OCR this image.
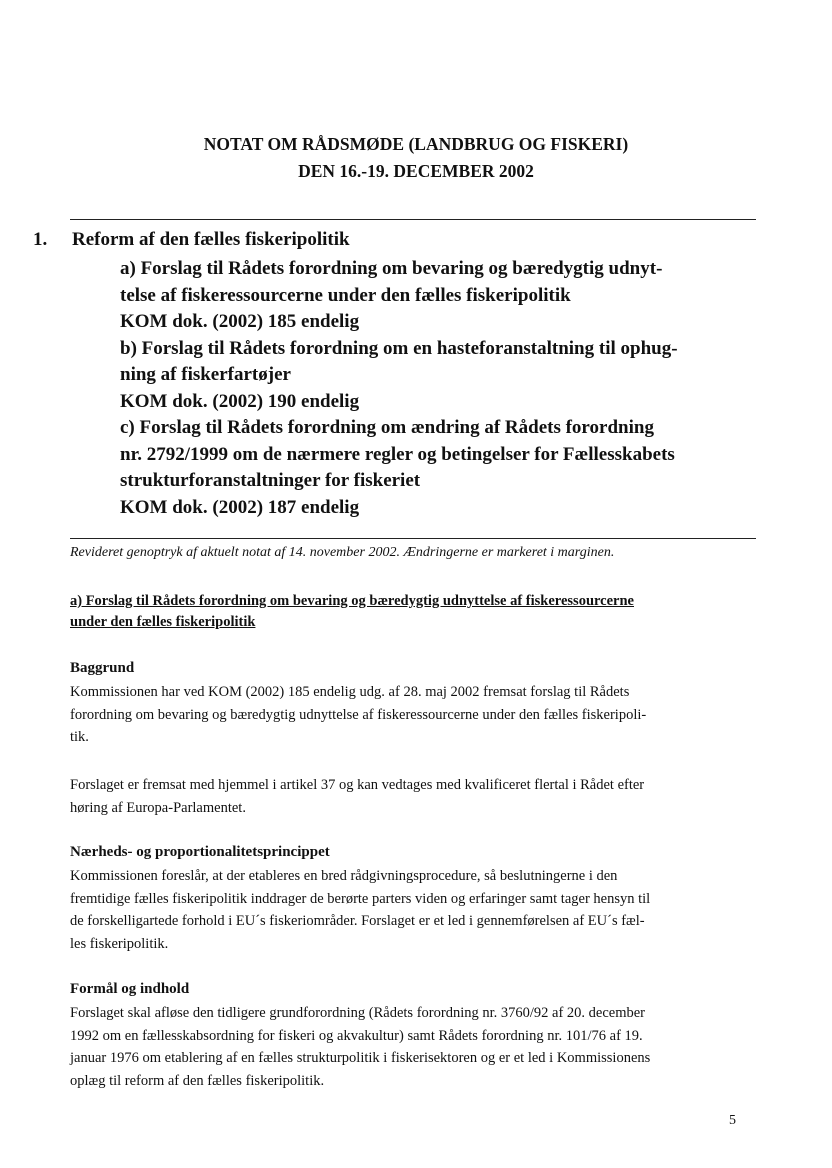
NOTAT OM RÅDSMØDE (LANDBRUG OG FISKERI)
DEN 16.-19. DECEMBER 2002
1. Reform af den fælles fiskeripolitik
a) Forslag til Rådets forordning om bevaring og bæredygtig udnyt-
telse af fiskeressourcerne under den fælles fiskeripolitik
KOM dok. (2002) 185 endelig
b) Forslag til Rådets forordning om en hasteforanstaltning til ophug-
ning af fiskerfartøjer
KOM dok. (2002) 190 endelig
c) Forslag til Rådets forordning om ændring af Rådets forordning
nr. 2792/1999 om de nærmere regler og betingelser for Fællesskabets
strukturforanstaltninger for fiskeriet
KOM dok. (2002) 187 endelig
Revideret genoptryk af aktuelt notat af 14. november 2002. Ændringerne er markeret i marginen.
a) Forslag til Rådets forordning om bevaring og bæredygtig udnyttelse af fiskeressourcerne
under den fælles fiskeripolitik
Baggrund
Kommissionen har ved KOM (2002) 185 endelig udg. af 28. maj 2002 fremsat forslag til Rådets
forordning om bevaring og bæredygtig udnyttelse af fiskeressourcerne under den fælles fiskeripoli-
tik.
Forslaget er fremsat med hjemmel i artikel 37 og kan vedtages med kvalificeret flertal i Rådet efter
høring af Europa-Parlamentet.
Nærheds- og proportionalitetsprincippet
Kommissionen foreslår, at der etableres en bred rådgivningsprocedure, så beslutningerne i den
fremtidige fælles fiskeripolitik inddrager de berørte parters viden og erfaringer samt tager hensyn til
de forskelligartede forhold i EU´s fiskeriområder. Forslaget er et led i gennemførelsen af EU´s fæl-
les fiskeripolitik.
Formål og indhold
Forslaget skal afløse den tidligere grundforordning (Rådets forordning nr. 3760/92 af 20. december
1992 om en fællesskabsordning for fiskeri og akvakultur) samt Rådets forordning nr. 101/76 af 19.
januar 1976 om etablering af en fælles strukturpolitik i fiskerisektoren og er et led i Kommissionens
oplæg til reform af den fælles fiskeripolitik.
5
